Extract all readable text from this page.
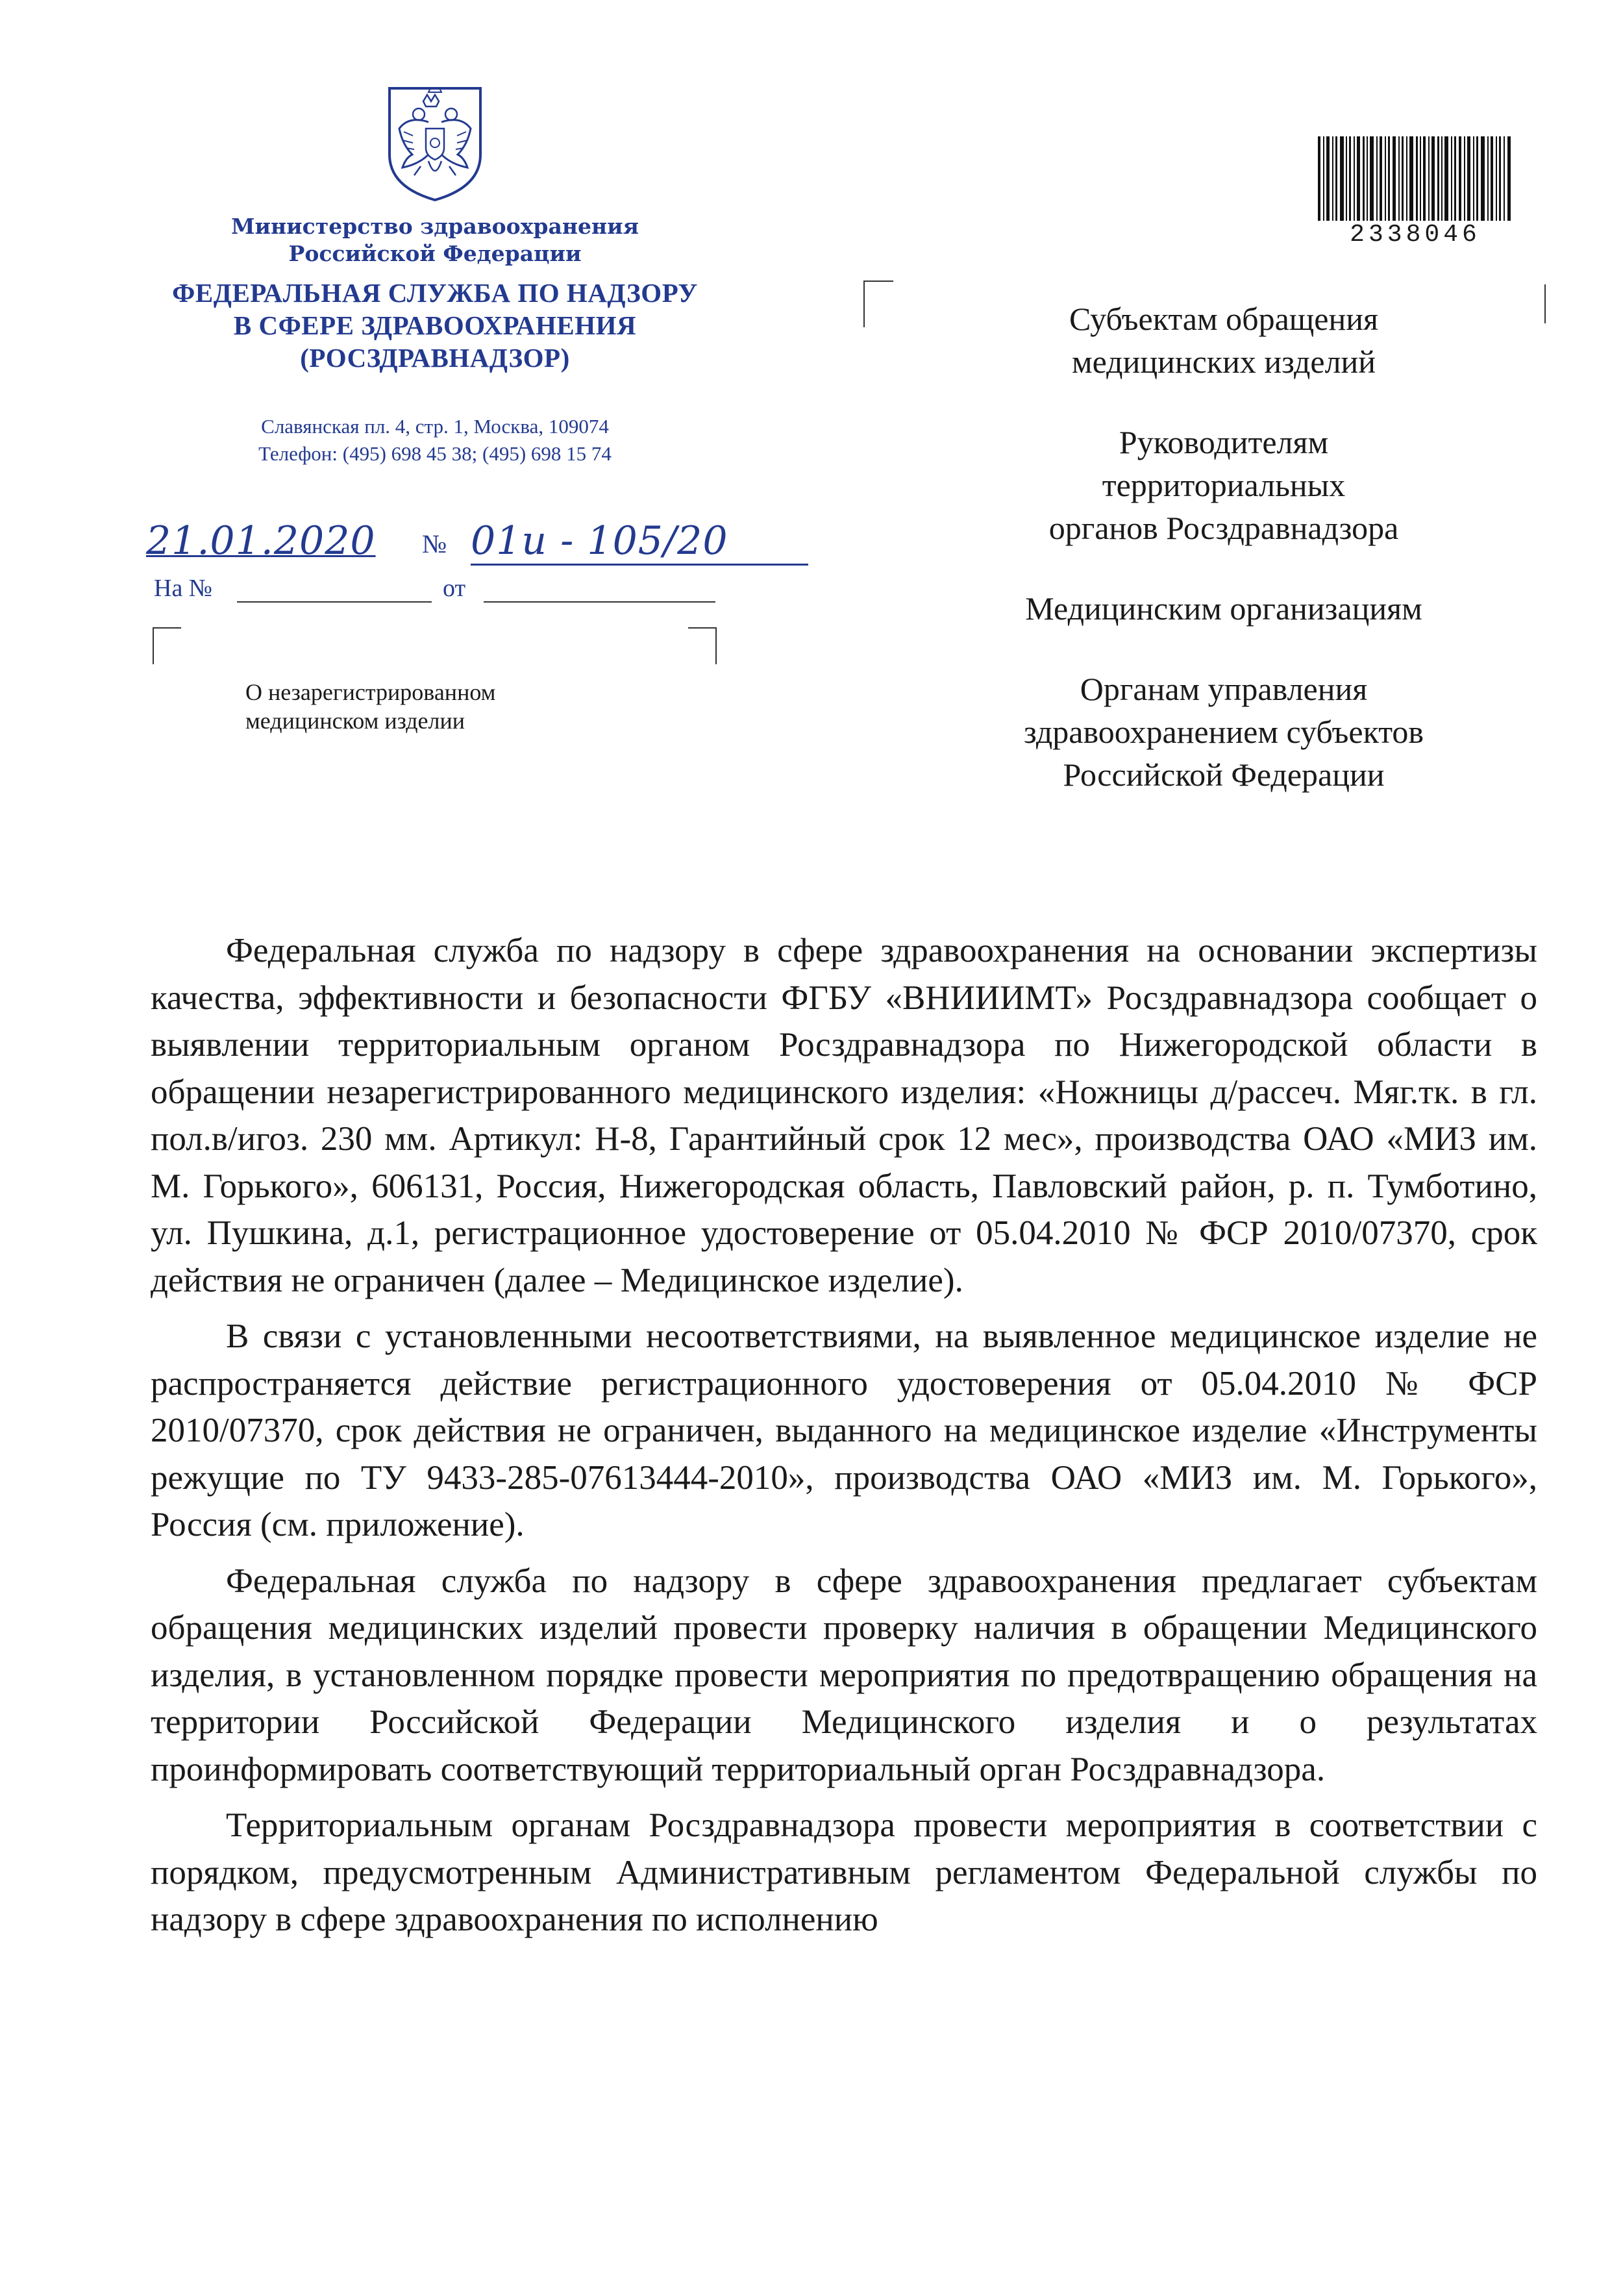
Министерство здравоохранения
Российской Федерации
ФЕДЕРАЛЬНАЯ СЛУЖБА ПО НАДЗОРУ
В СФЕРЕ ЗДРАВООХРАНЕНИЯ
(РОСЗДРАВНАДЗОР)
Славянская пл. 4, стр. 1, Москва, 109074
Телефон: (495) 698 45 38; (495) 698 15 74
21.01.2020 № 01и - 105/20
На №	от
О незарегистрированном
медицинском изделии
2338046
Субъектам обращения
медицинских изделий
Руководителям
территориальных
органов Росздравнадзора
Медицинским организациям
Органам управления
здравоохранением субъектов
Российской Федерации

Федеральная служба по надзору в сфере здравоохранения на основании экспертизы качества, эффективности и безопасности ФГБУ «ВНИИИМТ» Росздравнадзора сообщает о выявлении территориальным органом Росздравнадзора по Нижегородской области в обращении незарегистрированного медицинского изделия: «Ножницы д/рассеч. Мяг.тк. в гл. пол.в/игоз. 230 мм. Артикул: Н-8, Гарантийный срок 12 мес», производства ОАО «МИЗ им. М. Горького», 606131, Россия, Нижегородская область, Павловский район, р. п. Тумботино, ул. Пушкина, д.1, регистрационное удостоверение от 05.04.2010 № ФСР 2010/07370, срок действия не ограничен (далее – Медицинское изделие).

В связи с установленными несоответствиями, на выявленное медицинское изделие не распространяется действие регистрационного удостоверения от 05.04.2010 № ФСР 2010/07370, срок действия не ограничен, выданного на медицинское изделие «Инструменты режущие по ТУ 9433-285-07613444-2010», производства ОАО «МИЗ им. М. Горького», Россия (см. приложение).

Федеральная служба по надзору в сфере здравоохранения предлагает субъектам обращения медицинских изделий провести проверку наличия в обращении Медицинского изделия, в установленном порядке провести мероприятия по предотвращению обращения на территории Российской Федерации Медицинского изделия и о результатах проинформировать соответствующий территориальный орган Росздравнадзора.

Территориальным органам Росздравнадзора провести мероприятия в соответствии с порядком, предусмотренным Административным регламентом Федеральной службы по надзору в сфере здравоохранения по исполнению
